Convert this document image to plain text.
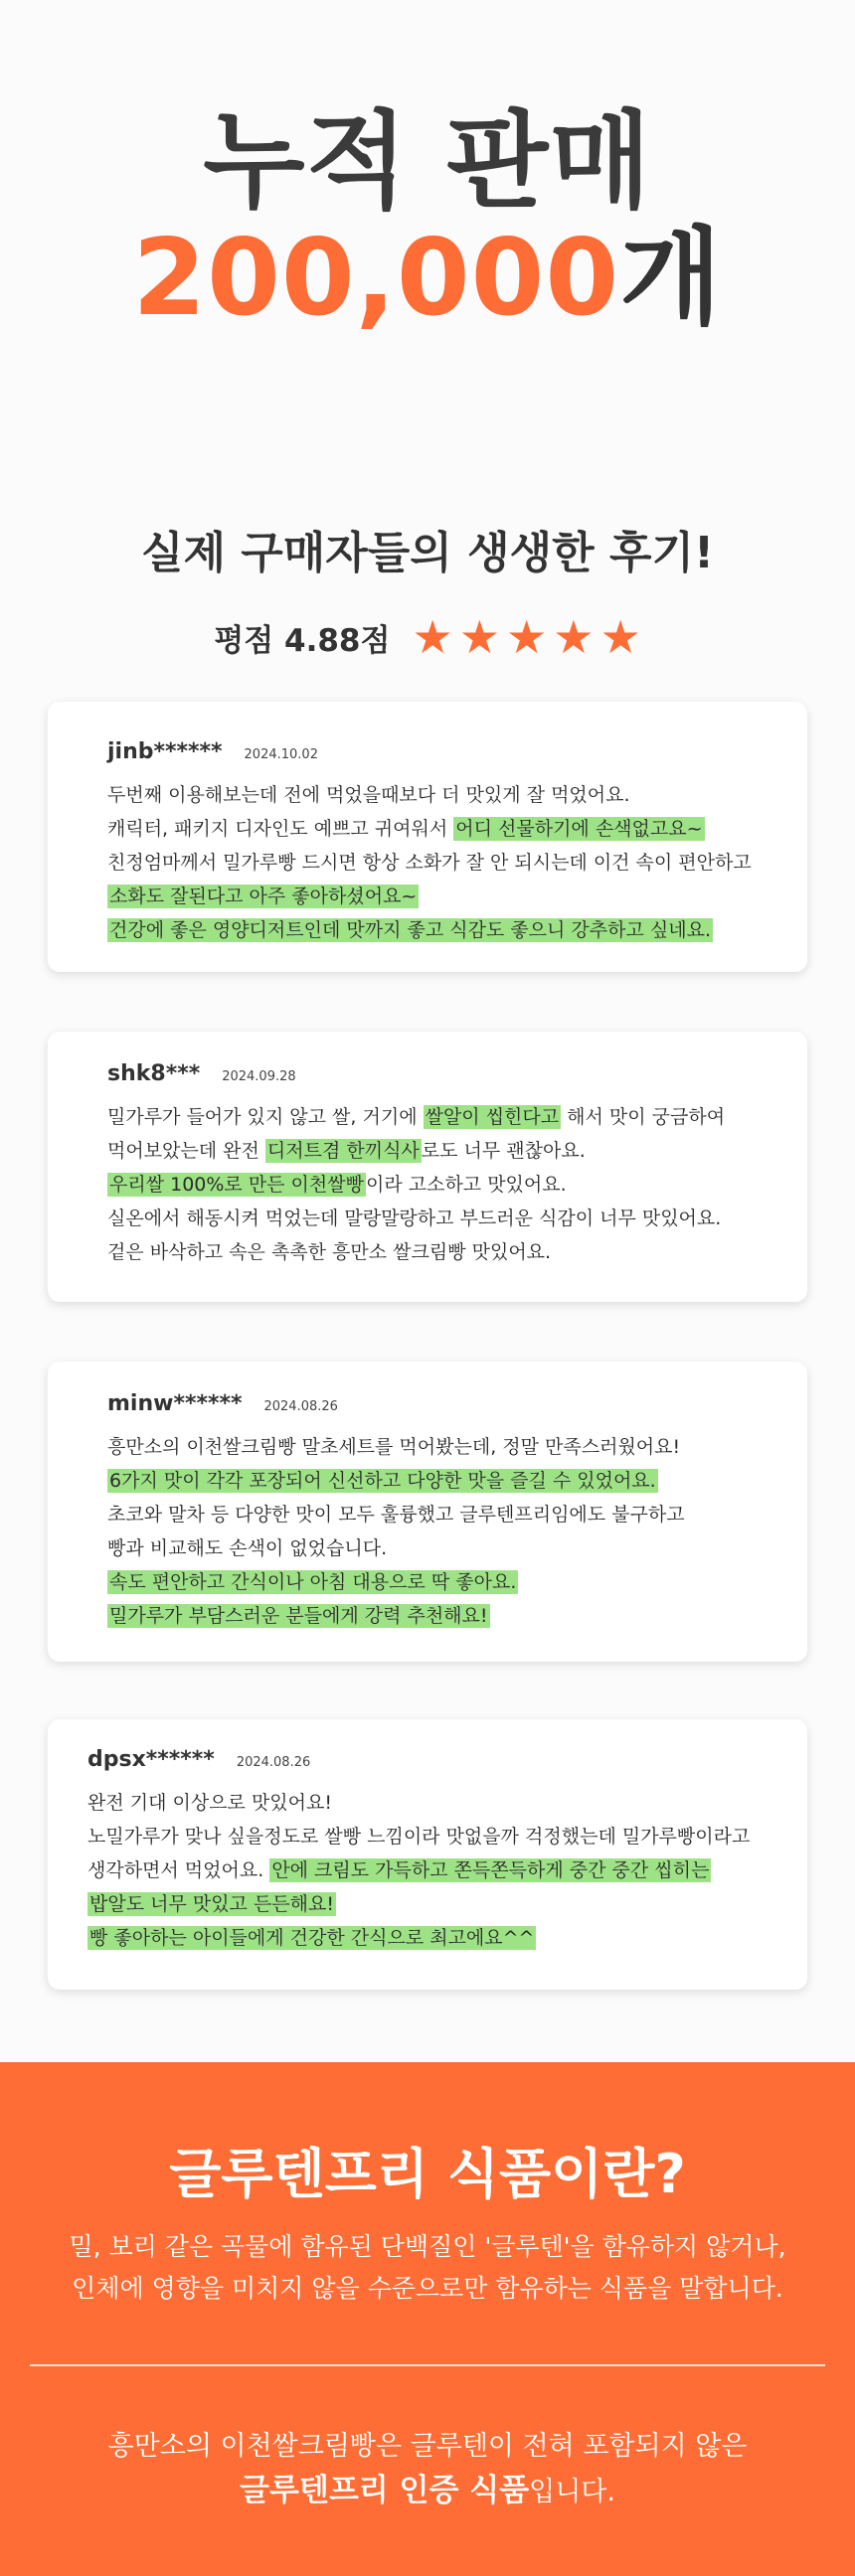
누적 판매
200,000개
실제 구매자들의 생생한 후기!
평점 4.88점 ★ ★ ★ ★ ★
jinb****** 2024.10.02
두번째 이용해보는데 전에 먹었을때보다 더 맛있게 잘 먹었어요.
캐릭터, 패키지 디자인도 예쁘고 귀여워서 어디 선물하기에 손색없고요~
친정엄마께서 밀가루빵 드시면 항상 소화가 잘 안 되시는데 이건 속이 편안하고
소화도 잘된다고 아주 좋아하셨어요~
건강에 좋은 영양디저트인데 맛까지 좋고 식감도 좋으니 강추하고 싶네요.
shk8*** 2024.09.28
밀가루가 들어가 있지 않고 쌀, 거기에 쌀알이 씹힌다고 해서 맛이 궁금하여
먹어보았는데 완전 디저트겸 한끼식사 로도 너무 괜찮아요.
우리쌀 100%로 만든 이천쌀빵 이라 고소하고 맛있어요.
실온에서 해동시켜 먹었는데 말랑말랑하고 부드러운 식감이 너무 맛있어요.
겉은 바삭하고 속은 촉촉한 흥만소 쌀크림빵 맛있어요.
minw****** 2024.08.26
흥만소의 이천쌀크림빵 말초세트를 먹어봤는데, 정말 만족스러웠어요!
6가지 맛이 각각 포장되어 신선하고 다양한 맛을 즐길 수 있었어요.
초코와 말차 등 다양한 맛이 모두 훌륭했고 글루텐프리임에도 불구하고
빵과 비교해도 손색이 없었습니다.
속도 편안하고 간식이나 아침 대용으로 딱 좋아요.
밀가루가 부담스러운 분들에게 강력 추천해요!
dpsx****** 2024.08.26
완전 기대 이상으로 맛있어요!
노밀가루가 맞나 싶을정도로 쌀빵 느낌이라 맛없을까 걱정했는데 밀가루빵이라고
생각하면서 먹었어요. 안에 크림도 가득하고 쫀득쫀득하게 중간 중간 씹히는
밥알도 너무 맛있고 든든해요!
빵 좋아하는 아이들에게 건강한 간식으로 최고에요^^
글루텐프리 식품이란?
밀, 보리 같은 곡물에 함유된 단백질인 '글루텐'을 함유하지 않거나,
인체에 영향을 미치지 않을 수준으로만 함유하는 식품을 말합니다.
흥만소의 이천쌀크림빵은 글루텐이 전혀 포함되지 않은
글루텐프리 인증 식품입니다.
